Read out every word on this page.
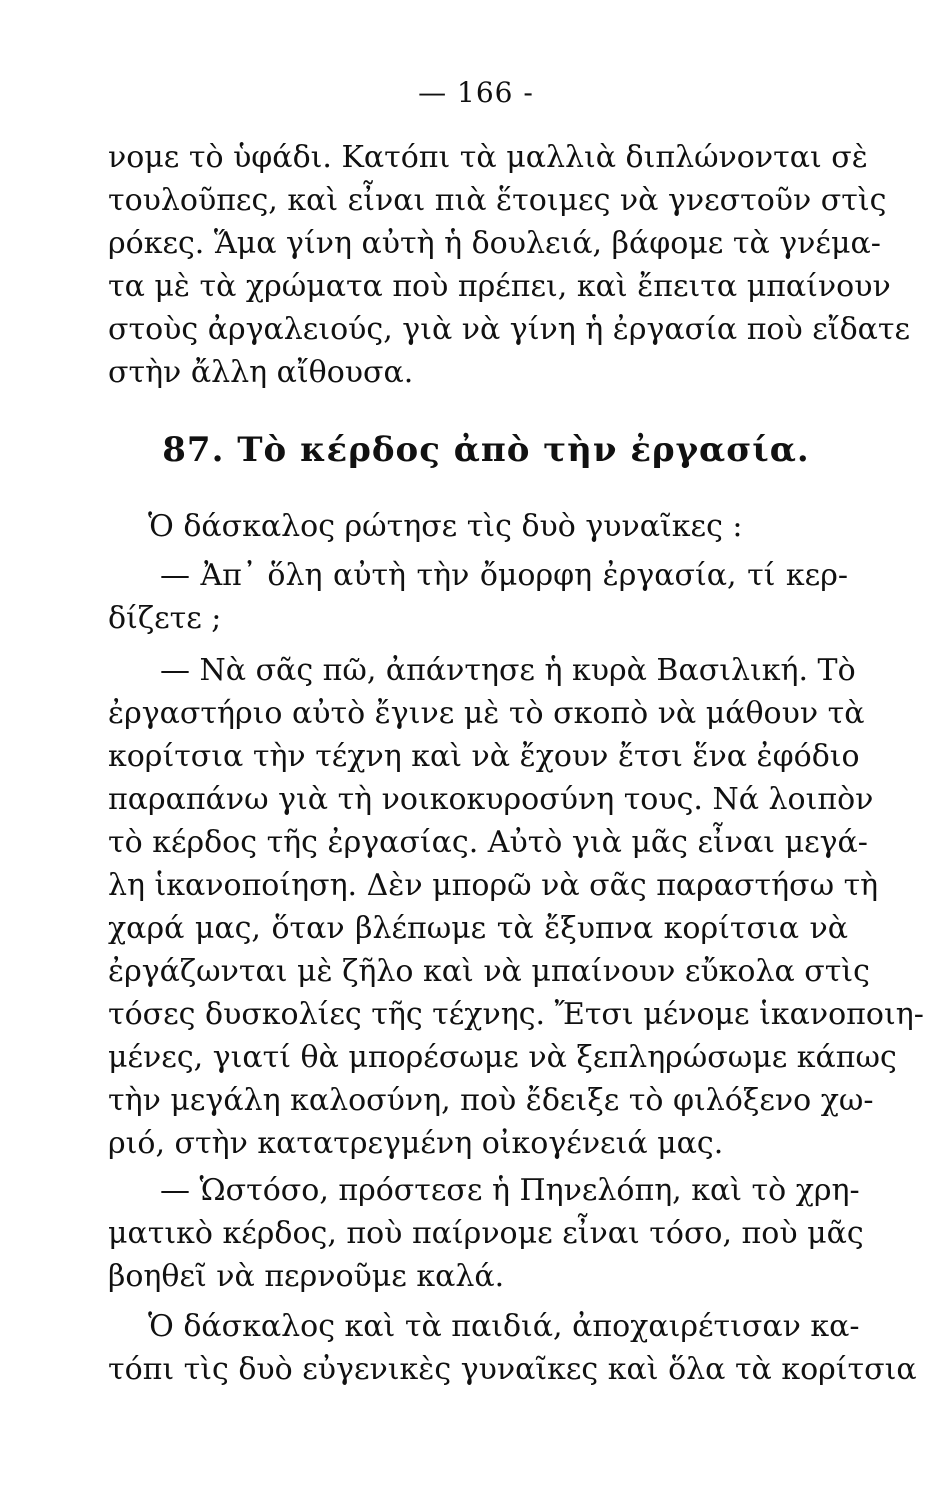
— 166 -
νομε τὸ ὑφάδι. Κατόπι τὰ μαλλιὰ διπλώνονται σὲ
τουλοῦπες, καὶ εἶναι πιὰ ἕτοιμες νὰ γνεστοῦν στὶς
ρόκες. Ἅμα γίνη αὐτὴ ἡ δουλειά, βάφομε τὰ γνέμα-
τα μὲ τὰ χρώματα ποὺ πρέπει, καὶ ἔπειτα μπαίνουν
στοὺς ἀργαλειούς, γιὰ νὰ γίνη ἡ ἐργασία ποὺ εἴδατε
στὴν ἄλλη αἴθουσα.
87. Τὸ κέρδος ἀπὸ τὴν ἐργασία.
Ὁ δάσκαλος ρώτησε τὶς δυὸ γυναῖκες :
— Ἀπ᾽ ὅλη αὐτὴ τὴν ὄμορφη ἐργασία, τί κερ-
δίζετε ;
— Νὰ σᾶς πῶ, ἀπάντησε ἡ κυρὰ Βασιλική. Τὸ
ἐργαστήριο αὐτὸ ἔγινε μὲ τὸ σκοπὸ νὰ μάθουν τὰ
κορίτσια τὴν τέχνη καὶ νὰ ἔχουν ἔτσι ἕνα ἐφόδιο
παραπάνω γιὰ τὴ νοικοκυροσύνη τους. Νά λοιπὸν
τὸ κέρδος τῆς ἐργασίας. Αὐτὸ γιὰ μᾶς εἶναι μεγά-
λη ἱκανοποίηση. Δὲν μπορῶ νὰ σᾶς παραστήσω τὴ
χαρά μας, ὅταν βλέπωμε τὰ ἔξυπνα κορίτσια νὰ
ἐργάζωνται μὲ ζῆλο καὶ νὰ μπαίνουν εὔκολα στὶς
τόσες δυσκολίες τῆς τέχνης. Ἔτσι μένομε ἱκανοποιη-
μένες, γιατί θὰ μπορέσωμε νὰ ξεπληρώσωμε κάπως
τὴν μεγάλη καλοσύνη, ποὺ ἔδειξε τὸ φιλόξενο χω-
ριό, στὴν κατατρεγμένη οἰκογένειά μας.
— Ὡστόσο, πρόστεσε ἡ Πηνελόπη, καὶ τὸ χρη-
ματικὸ κέρδος, ποὺ παίρνομε εἶναι τόσο, ποὺ μᾶς
βοηθεῖ νὰ περνοῦμε καλά.
Ὁ δάσκαλος καὶ τὰ παιδιά, ἀποχαιρέτισαν κα-
τόπι τὶς δυὸ εὐγενικὲς γυναῖκες καὶ ὅλα τὰ κορίτσια
